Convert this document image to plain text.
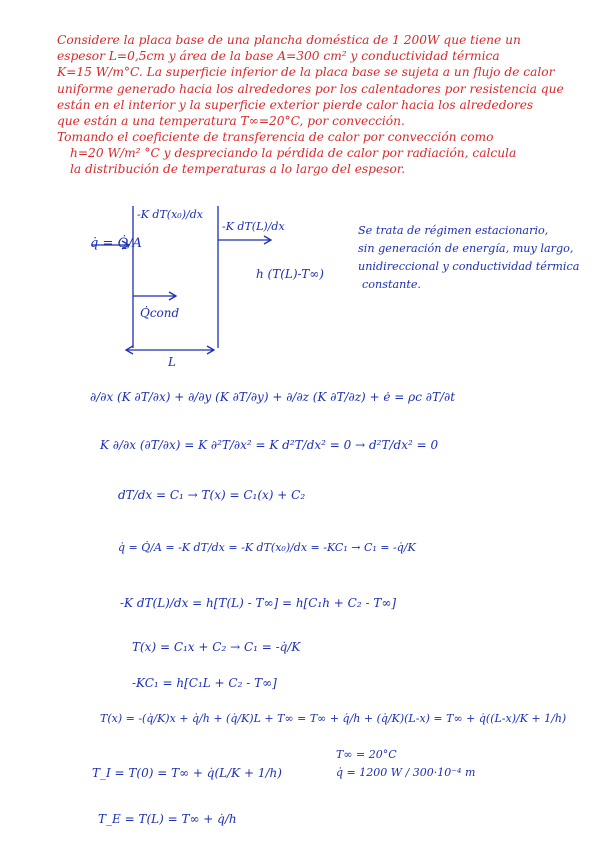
Considere la placa base de una plancha doméstica de 1 200W que tiene un
espesor L=0,5cm y área de la base A=300 cm² y conductividad térmica
K=15 W/m°C. La superficie inferior de la placa base se sujeta a un flujo de calor
uniforme generado hacia los alrededores por los calentadores por resistencia que
están en el interior y la superficie exterior pierde calor hacia los alrededores
que están a una temperatura T∞=20°C, por convección.
Tomando el coeficiente de transferencia de calor por convección como
h=20 W/m² °C y despreciando la pérdida de calor por radiación, calcula
la distribución de temperaturas a lo largo del espesor.
-K dT(x₀)/dx
-K dT(L)/dx
q̇ = Q̇/A
Q̇cond
h (T(L)-T∞)
L
Se trata de régimen estacionario,
sin generación de energía, muy largo,
unidireccional y conductividad térmica
constante.
∂/∂x (K ∂T/∂x) + ∂/∂y (K ∂T/∂y) + ∂/∂z (K ∂T/∂z) + ė = ρc ∂T/∂t
K ∂/∂x (∂T/∂x) = K ∂²T/∂x² = K d²T/dx² = 0 → d²T/dx² = 0
dT/dx = C₁ → T(x) = C₁(x) + C₂
q̇ = Q̇/A = -K dT/dx = -K dT(x₀)/dx = -KC₁ → C₁ = -q̇/K
-K dT(L)/dx = h[T(L) - T∞] = h[C₁h + C₂ - T∞]
T(x) = C₁x + C₂ → C₁ = -q̇/K
-KC₁ = h[C₁L + C₂ - T∞]
T(x) = -(q̇/K)x + q̇/h + (q̇/K)L + T∞ = T∞ + q̇/h + (q̇/K)(L-x) = T∞ + q̇((L-x)/K + 1/h)
T_I = T(0) = T∞ + q̇(L/K + 1/h)
T∞ = 20°C
q̇ = 1200 W / 300·10⁻⁴ m
T_E = T(L) = T∞ + q̇/h
